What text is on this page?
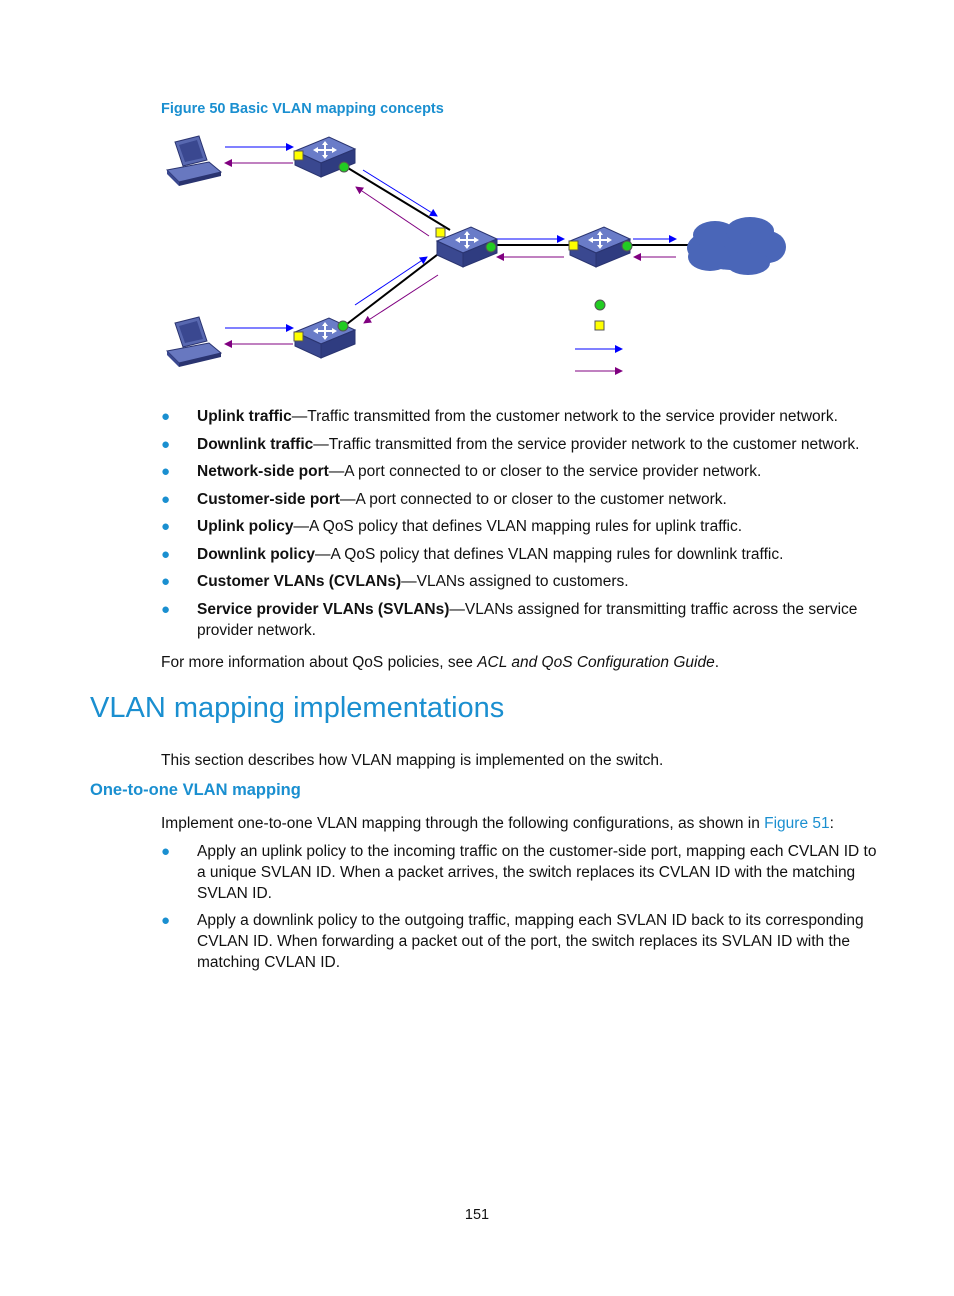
Figure 50 Basic VLAN mapping concepts
● Uplink traffic—Traffic transmitted from the customer network to the service provider network.
● Downlink traffic—Traffic transmitted from the service provider network to the customer network.
● Network-side port—A port connected to or closer to the service provider network.
● Customer-side port—A port connected to or closer to the customer network.
● Uplink policy—A QoS policy that defines VLAN mapping rules for uplink traffic.
● Downlink policy—A QoS policy that defines VLAN mapping rules for downlink traffic.
● Customer VLANs (CVLANs)—VLANs assigned to customers.
● Service provider VLANs (SVLANs)—VLANs assigned for transmitting traffic across the service provider network.
For more information about QoS policies, see ACL and QoS Configuration Guide.
VLAN mapping implementations
This section describes how VLAN mapping is implemented on the switch.
One-to-one VLAN mapping
Implement one-to-one VLAN mapping through the following configurations, as shown in Figure 51:
● Apply an uplink policy to the incoming traffic on the customer-side port, mapping each CVLAN ID to a unique SVLAN ID. When a packet arrives, the switch replaces its CVLAN ID with the matching SVLAN ID.
● Apply a downlink policy to the outgoing traffic, mapping each SVLAN ID back to its corresponding CVLAN ID. When forwarding a packet out of the port, the switch replaces its SVLAN ID with the matching CVLAN ID.
151
